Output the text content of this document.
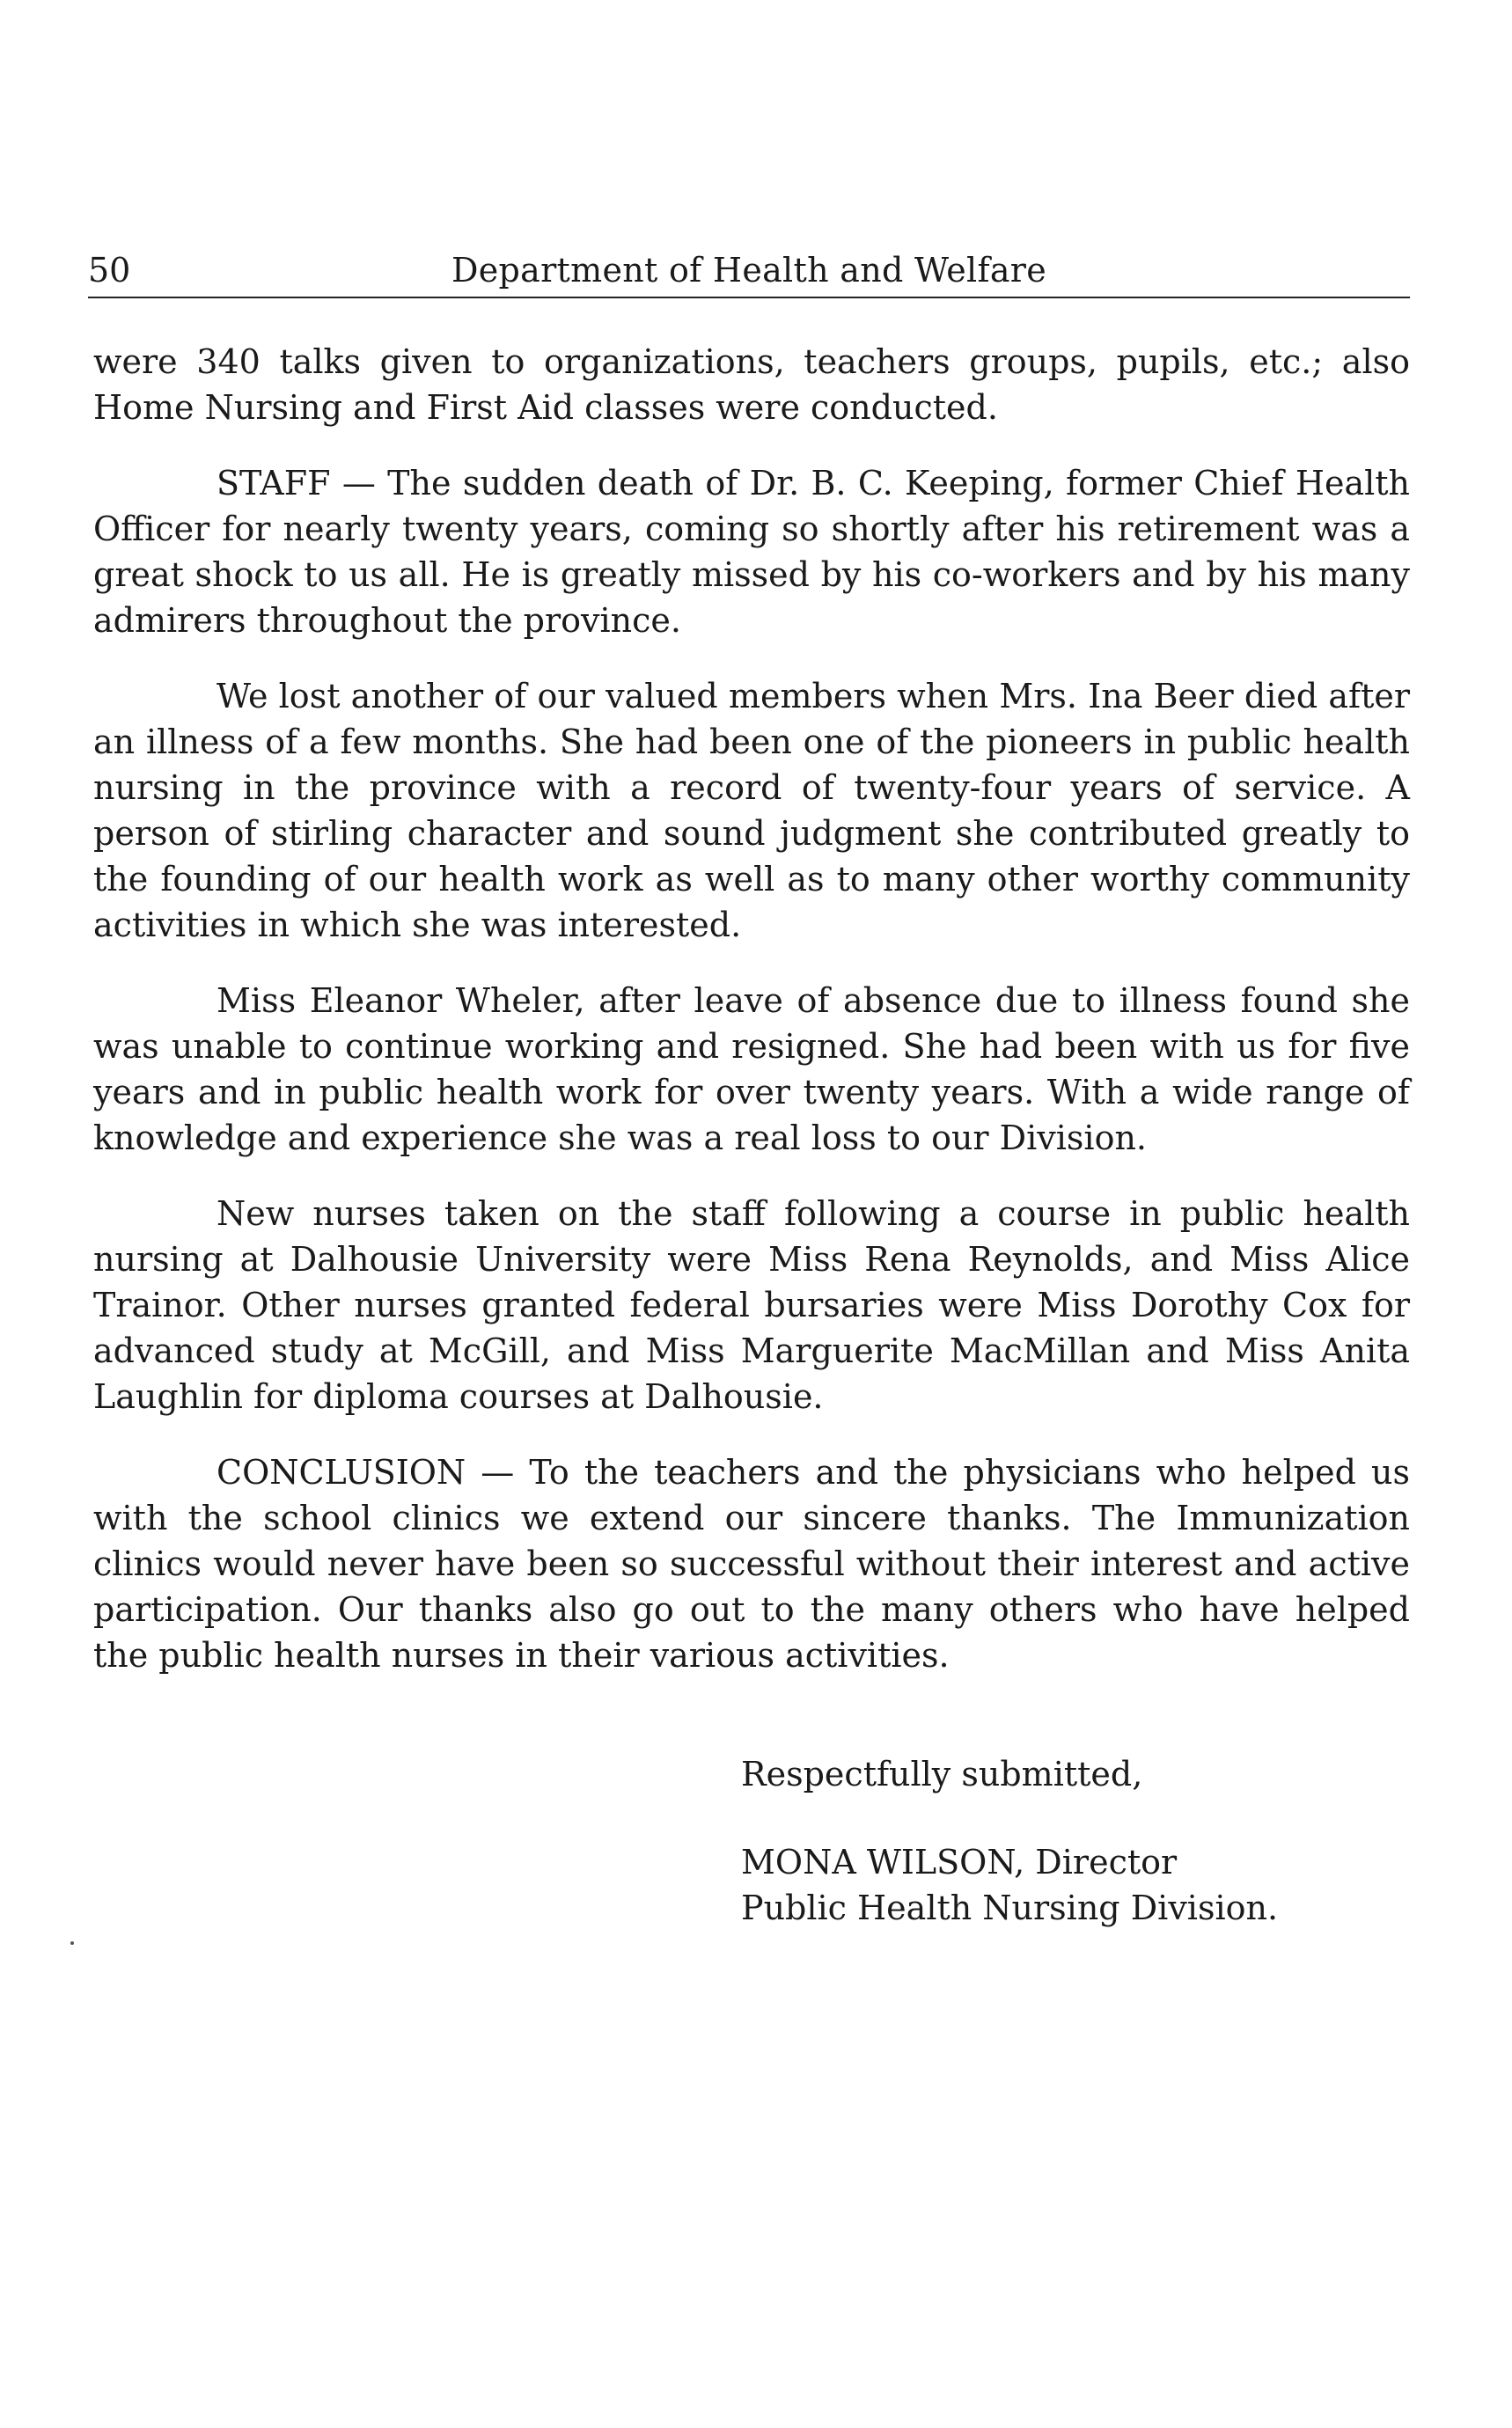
50	Department of Health and Welfare

were 340 talks given to organizations, teachers groups, pupils, etc.; also Home Nursing and First Aid classes were conducted.

STAFF — The sudden death of Dr. B. C. Keeping, former Chief Health Officer for nearly twenty years, coming so shortly after his retirement was a great shock to us all. He is greatly missed by his co-workers and by his many admirers throughout the province.

We lost another of our valued members when Mrs. Ina Beer died after an illness of a few months. She had been one of the pioneers in public health nursing in the province with a record of twenty-four years of service. A person of stirling character and sound judgment she contributed greatly to the founding of our health work as well as to many other worthy community activities in which she was interested.

Miss Eleanor Wheler, after leave of absence due to illness found she was unable to continue working and resigned. She had been with us for five years and in public health work for over twenty years. With a wide range of knowledge and experience she was a real loss to our Division.

New nurses taken on the staff following a course in public health nursing at Dalhousie University were Miss Rena Reynolds, and Miss Alice Trainor. Other nurses granted federal bursaries were Miss Dorothy Cox for advanced study at McGill, and Miss Marguerite MacMillan and Miss Anita Laughlin for diploma courses at Dalhousie.

CONCLUSION — To the teachers and the physicians who helped us with the school clinics we extend our sincere thanks. The Immunization clinics would never have been so successful without their interest and active participation. Our thanks also go out to the many others who have helped the public health nurses in their various activities.

Respectfully submitted,
MONA WILSON, Director
Public Health Nursing Division.
